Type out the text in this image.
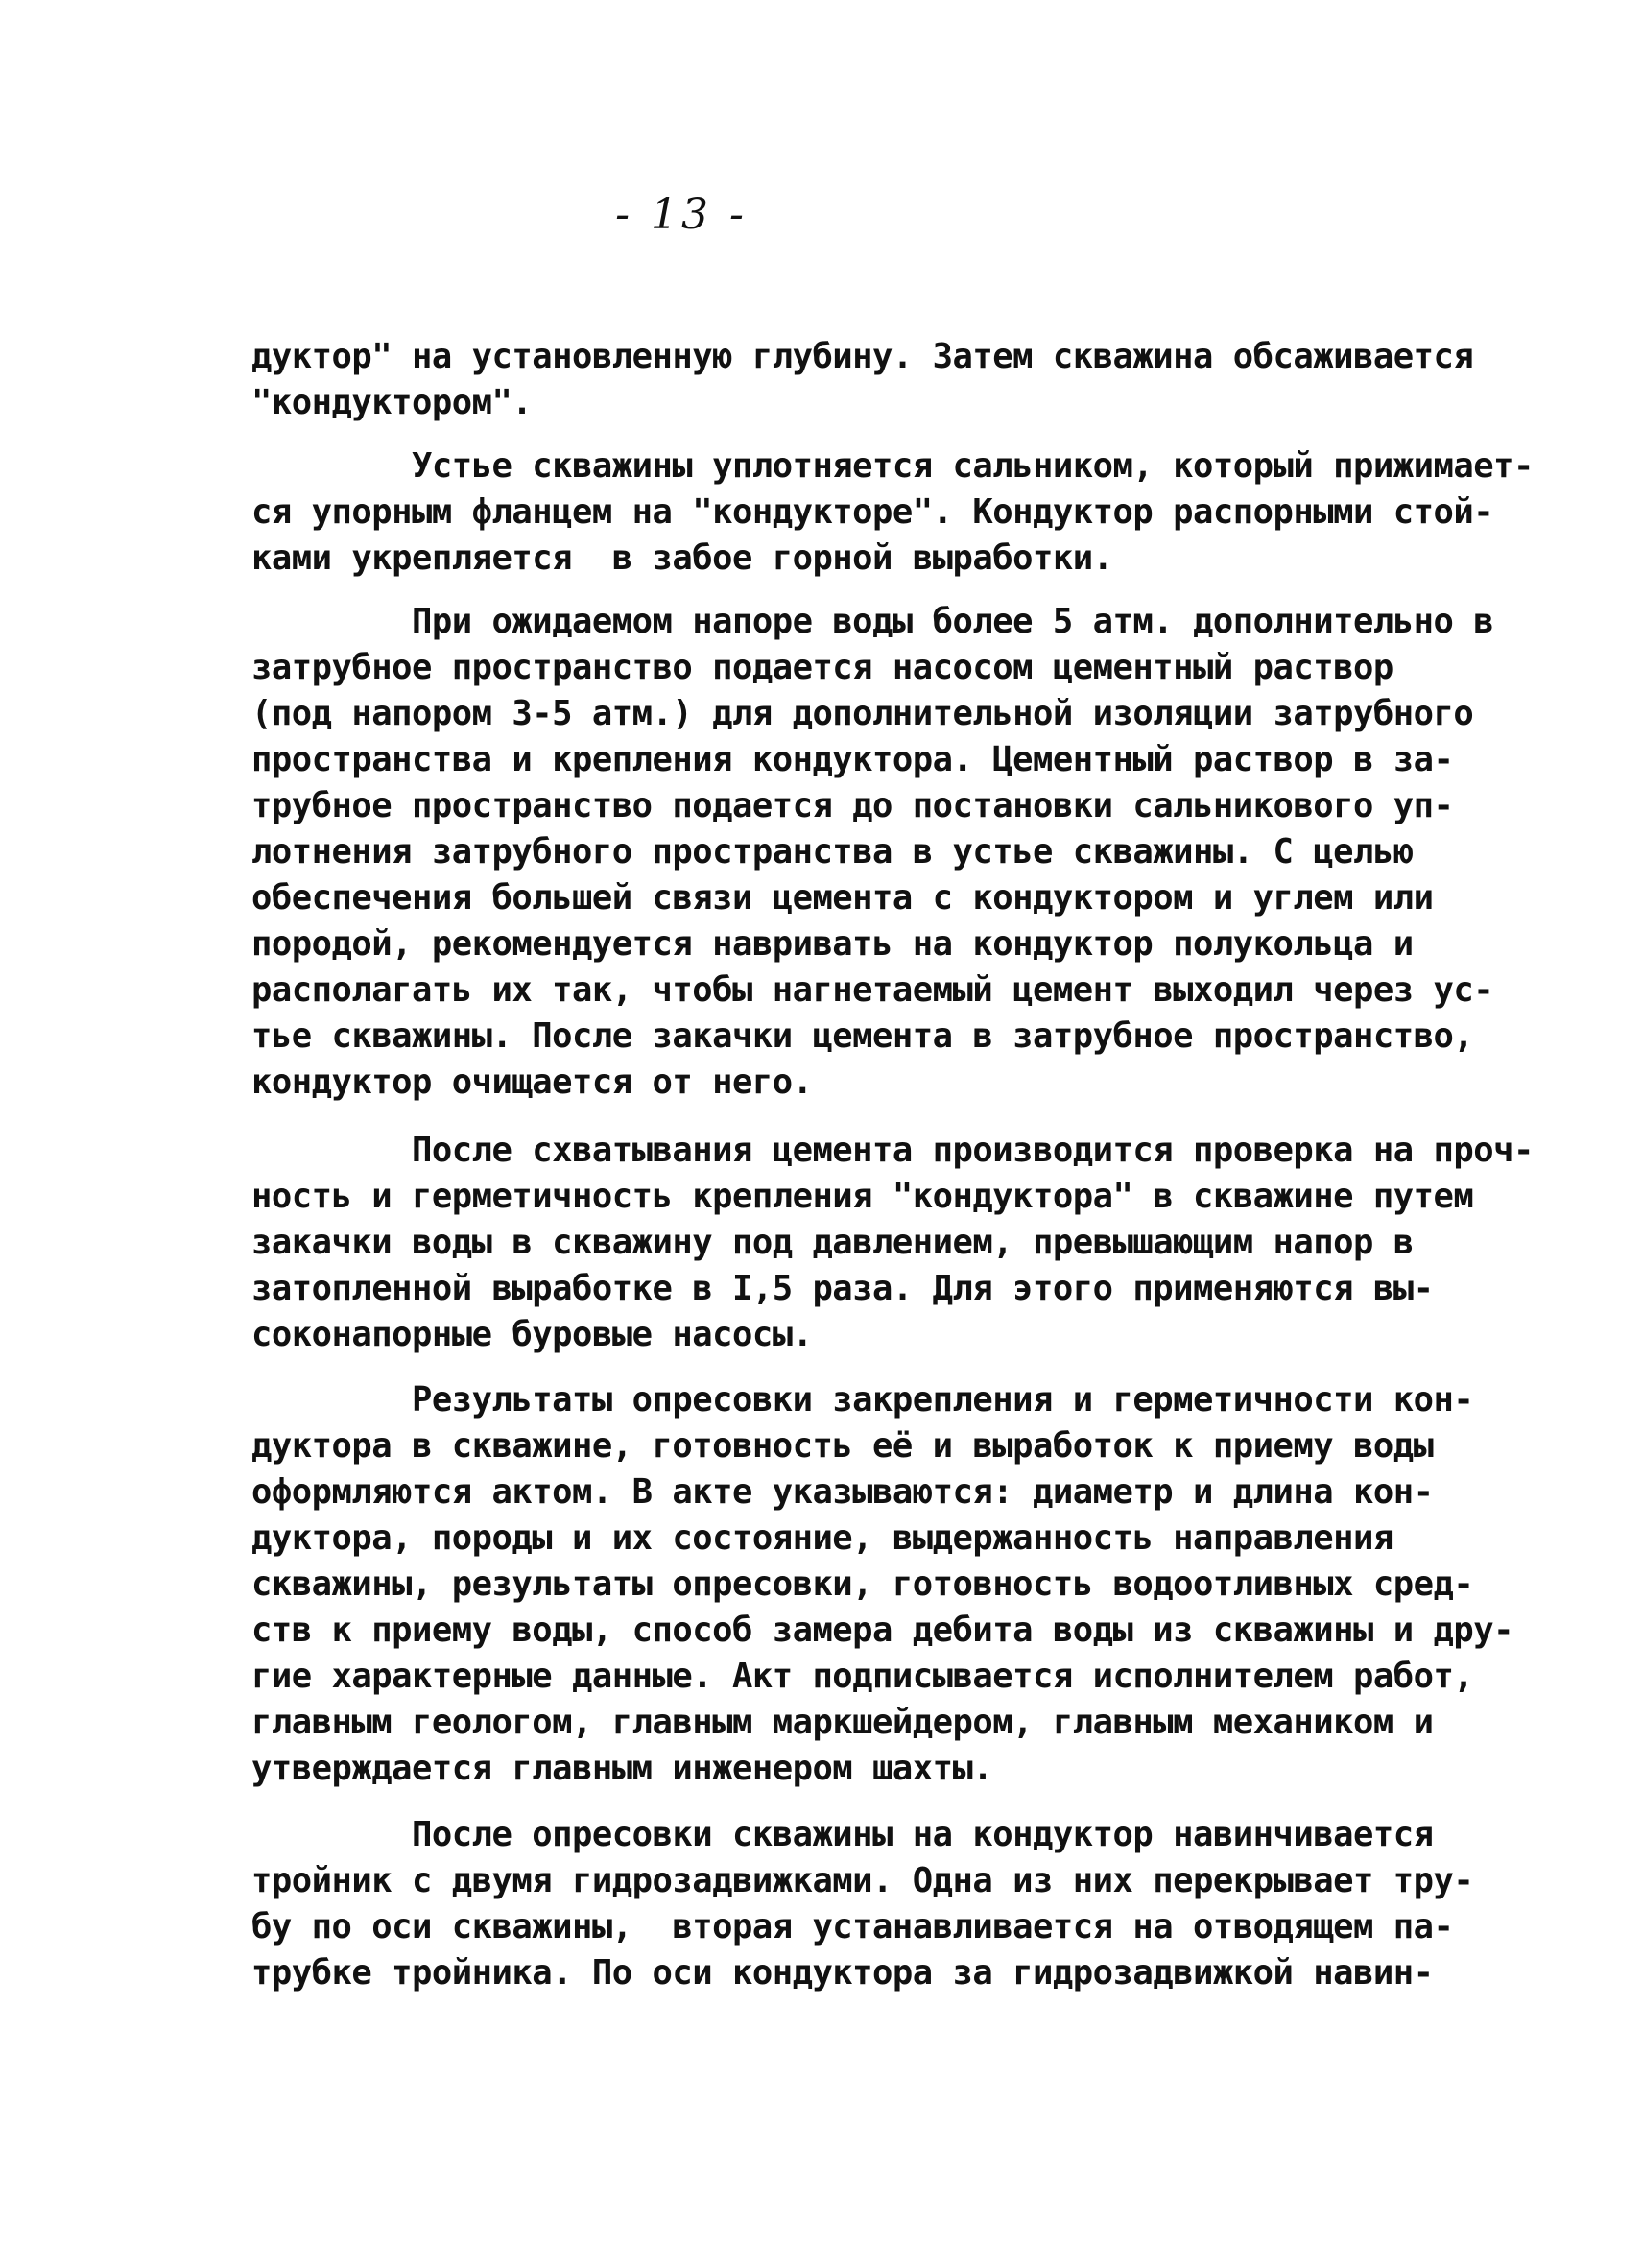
- 13 -

дуктор" на установленную глубину. Затем скважина обсаживается

"кондуктором".

Устье скважины уплотняется сальником, который прижимает-

ся упорным фланцем на "кондукторе". Кондуктор распорными стой-

ками укрепляется  в забое горной выработки.

При ожидаемом напоре воды более 5 атм. дополнительно в

затрубное пространство подается насосом цементный раствор

(под напором 3-5 атм.) для дополнительной изоляции затрубного

пространства и крепления кондуктора. Цементный раствор в за-

трубное пространство подается до постановки сальникового уп-

лотнения затрубного пространства в устье скважины. С целью

обеспечения большей связи цемента с кондуктором и углем или

породой, рекомендуется навривать на кондуктор полукольца и

располагать их так, чтобы нагнетаемый цемент выходил через ус-

тье скважины. После закачки цемента в затрубное пространство,

кондуктор очищается от него.

После схватывания цемента производится проверка на проч-

ность и герметичность крепления "кондуктора" в скважине путем

закачки воды в скважину под давлением, превышающим напор в

затопленной выработке в I,5 раза. Для этого применяются вы-

соконапорные буровые насосы.

Результаты опресовки закрепления и герметичности кон-

дуктора в скважине, готовность её и выработок к приему воды

оформляются актом. В акте указываются: диаметр и длина кон-

дуктора, породы и их состояние, выдержанность направления

скважины, результаты опресовки, готовность водоотливных сред-

ств к приему воды, способ замера дебита воды из скважины и дру-

гие характерные данные. Акт подписывается исполнителем работ,

главным геологом, главным маркшейдером, главным механиком и

утверждается главным инженером шахты.

После опресовки скважины на кондуктор навинчивается

тройник с двумя гидрозадвижками. Одна из них перекрывает тру-

бу по оси скважины,  вторая устанавливается на отводящем па-

трубке тройника. По оси кондуктора за гидрозадвижкой навин-
